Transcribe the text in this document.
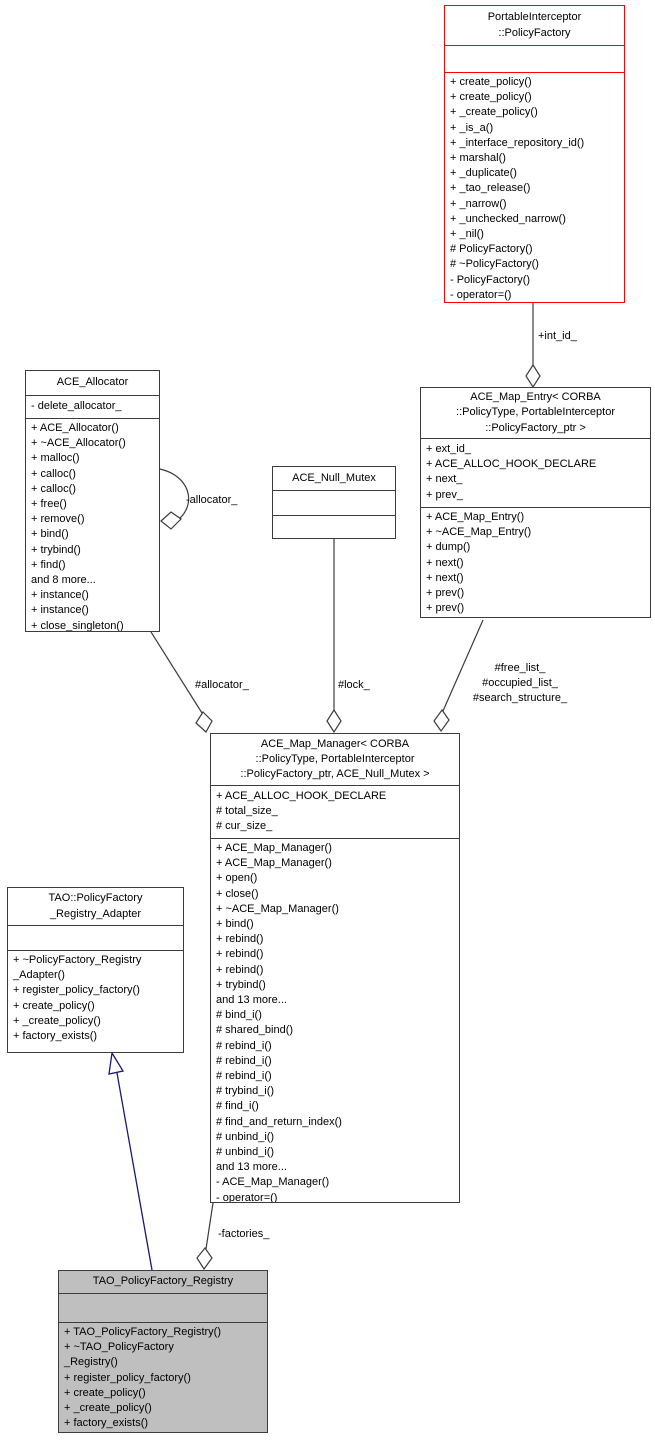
+int_id_
-allocator_
#allocator_	#lock_
#free_list_
#occupied_list_
#search_structure_
-factories_
PortableInterceptor
::PolicyFactory
+ create_policy()
+ create_policy()
+ _create_policy()
+ _is_a()
+ _interface_repository_id()
+ marshal()
+ _duplicate()
+ _tao_release()
+ _narrow()
+ _unchecked_narrow()
+ _nil()
# PolicyFactory()
# ~PolicyFactory()
- PolicyFactory()
- operator=()
ACE_Allocator
- delete_allocator_
+ ACE_Allocator()
+ ~ACE_Allocator()
+ malloc()
+ calloc()
+ calloc()
+ free()
+ remove()
+ bind()
+ trybind()
+ find()
and 8 more...
+ instance()
+ instance()
+ close_singleton()
ACE_Null_Mutex
ACE_Map_Entry< CORBA
::PolicyType, PortableInterceptor
::PolicyFactory_ptr >
+ ext_id_
+ ACE_ALLOC_HOOK_DECLARE
+ next_
+ prev_
+ ACE_Map_Entry()
+ ~ACE_Map_Entry()
+ dump()
+ next()
+ next()
+ prev()
+ prev()
ACE_Map_Manager< CORBA
::PolicyType, PortableInterceptor
::PolicyFactory_ptr, ACE_Null_Mutex >
+ ACE_ALLOC_HOOK_DECLARE
# total_size_
# cur_size_
+ ACE_Map_Manager()
+ ACE_Map_Manager()
+ open()
+ close()
+ ~ACE_Map_Manager()
+ bind()
+ rebind()
+ rebind()
+ rebind()
+ trybind()
and 13 more...
# bind_i()
# shared_bind()
# rebind_i()
# rebind_i()
# rebind_i()
# trybind_i()
# find_i()
# find_and_return_index()
# unbind_i()
# unbind_i()
and 13 more...
- ACE_Map_Manager()
- operator=()
TAO::PolicyFactory
_Registry_Adapter
+ ~PolicyFactory_Registry
_Adapter()
+ register_policy_factory()
+ create_policy()
+ _create_policy()
+ factory_exists()
TAO_PolicyFactory_Registry
+ TAO_PolicyFactory_Registry()
+ ~TAO_PolicyFactory
_Registry()
+ register_policy_factory()
+ create_policy()
+ _create_policy()
+ factory_exists()
